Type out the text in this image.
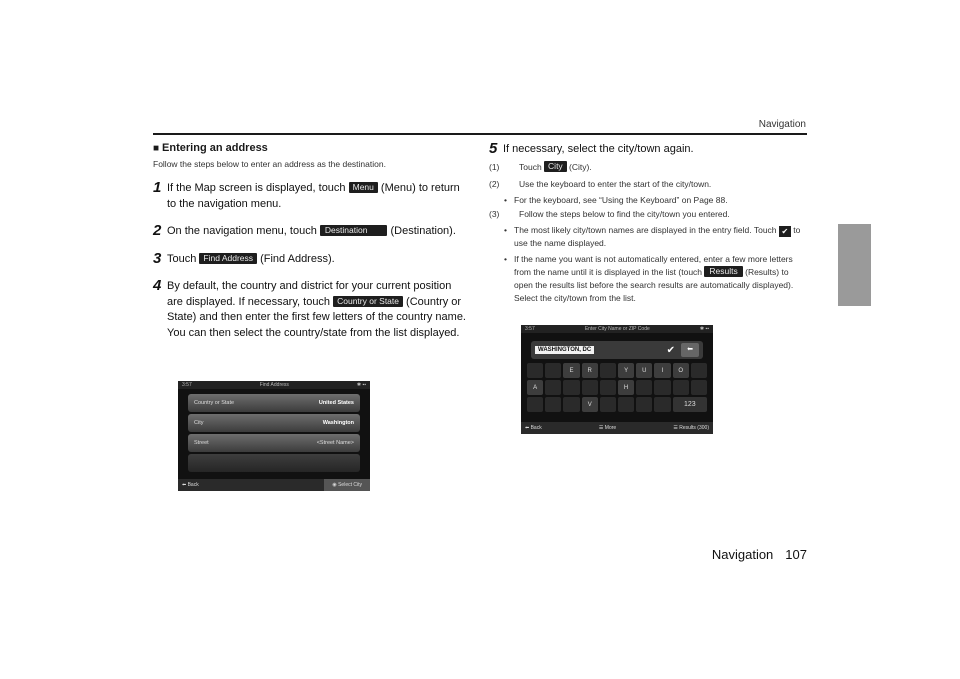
Navigation
■ Entering an address
Follow the steps below to enter an address as the destination.
1 If the Map screen is displayed, touch Menu (Menu) to return to the navigation menu.
2 On the navigation menu, touch Destination (Destination).
3 Touch Find Address (Find Address).
4 By default, the country and district for your current position are displayed. If necessary, touch Country or State (Country or State) and then enter the first few letters of the country name. You can then select the country/state from the list displayed.
3:57	Find Address	✱ ▪▪
Country or State	United States
City	Washington
Street	<Street Name>
⬅ Back	◉ Select City
5 If necessary, select the city/town again.
(1)	Touch City (City).
(2)	Use the keyboard to enter the start of the city/town.
• For the keyboard, see “Using the Keyboard” on Page 88.
(3)	Follow the steps below to find the city/town you entered.
• The most likely city/town names are displayed in the entry field. Touch ✔ to use the name displayed.
• If the name you want is not automatically entered, enter a few more letters from the name until it is displayed in the list (touch Results (Results) to open the results list before the search results are automatically displayed). Select the city/town from the list.
3:57	Enter City Name or ZIP Code	✱ ▪▪
WASHINGTON, DC	✔	⬅
E	R	Y	U	I	O
A	H
V	123
⬅ Back	☰ More	☰ Results (300)
Navigation 107
